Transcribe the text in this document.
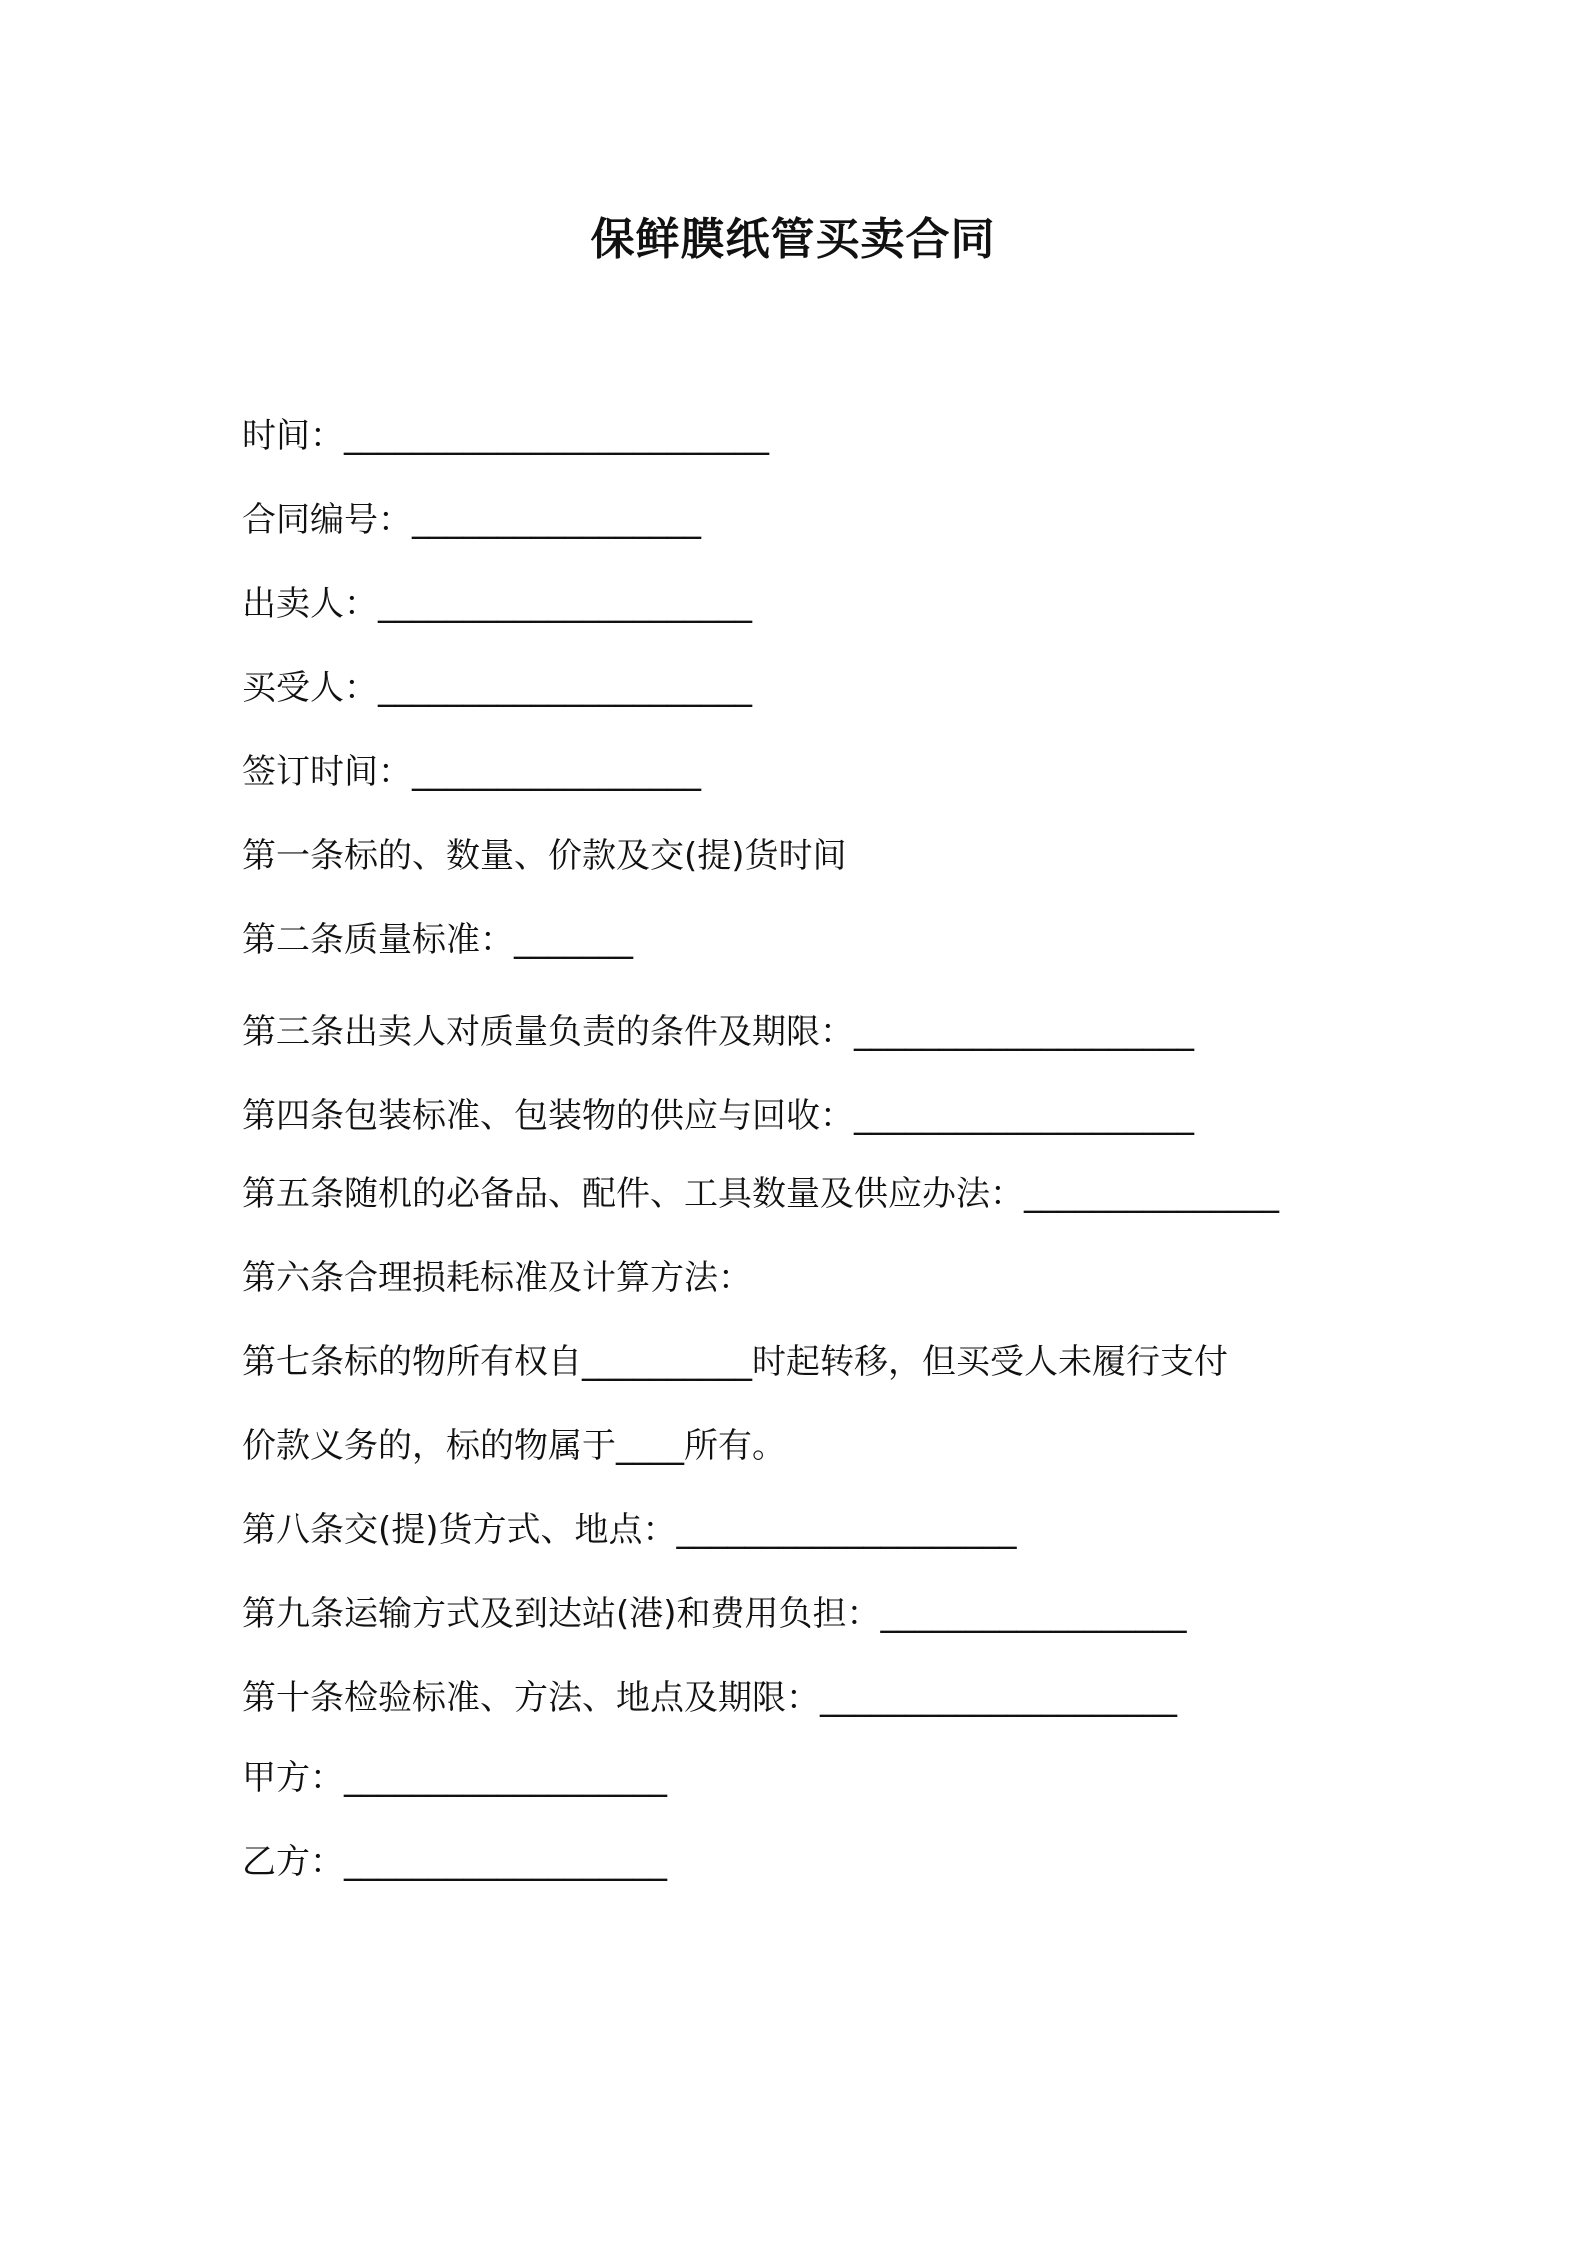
保鲜膜纸管买卖合同
时间：_________________________
合同编号：_________________
出卖人：______________________
买受人：______________________
签订时间：_________________
第一条标的、数量、价款及交(提)货时间
第二条质量标准：_______
第三条出卖人对质量负责的条件及期限：____________________
第四条包装标准、包装物的供应与回收：____________________
第五条随机的必备品、配件、工具数量及供应办法：_______________
第六条合理损耗标准及计算方法：
第七条标的物所有权自__________时起转移，但买受人未履行支付
价款义务的，标的物属于____所有。
第八条交(提)货方式、地点：____________________
第九条运输方式及到达站(港)和费用负担：__________________
第十条检验标准、方法、地点及期限：_____________________
甲方：___________________
乙方：___________________
